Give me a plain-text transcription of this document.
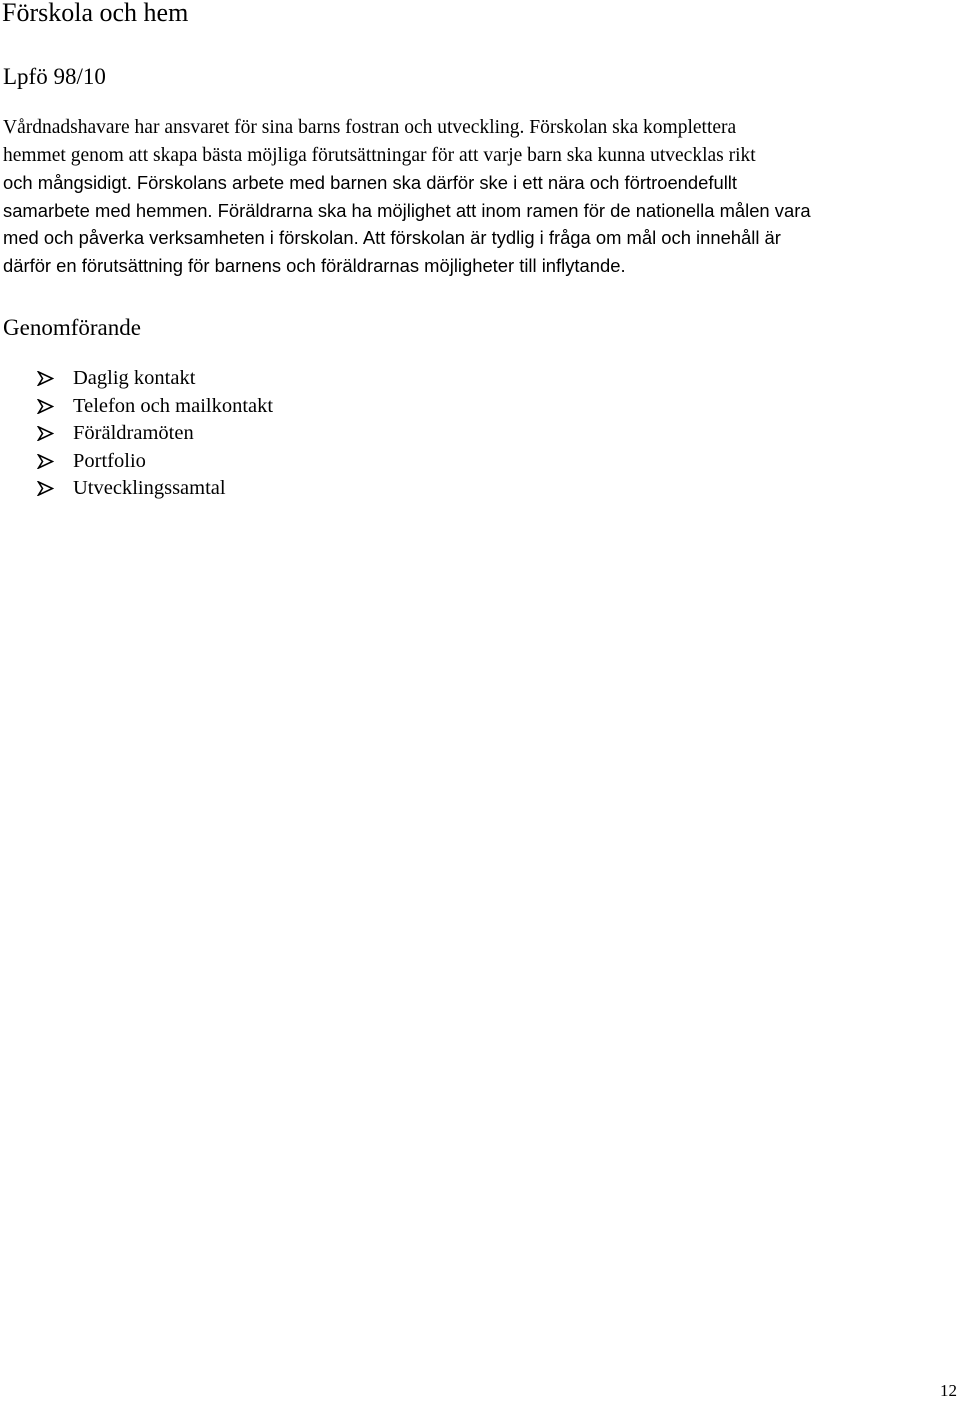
Förskola och hem
Lpfö 98/10
Vårdnadshavare har ansvaret för sina barns fostran och utveckling. Förskolan ska komplettera
hemmet genom att skapa bästa möjliga förutsättningar för att varje barn ska kunna utvecklas rikt
och mångsidigt. Förskolans arbete med barnen ska därför ske i ett nära och förtroendefullt
samarbete med hemmen. Föräldrarna ska ha möjlighet att inom ramen för de nationella målen vara
med och påverka verksamheten i förskolan. Att förskolan är tydlig i fråga om mål och innehåll är
därför en förutsättning för barnens och föräldrarnas möjligheter till inflytande.
Genomförande
Daglig kontakt
Telefon och mailkontakt
Föräldramöten
Portfolio
Utvecklingssamtal
12
